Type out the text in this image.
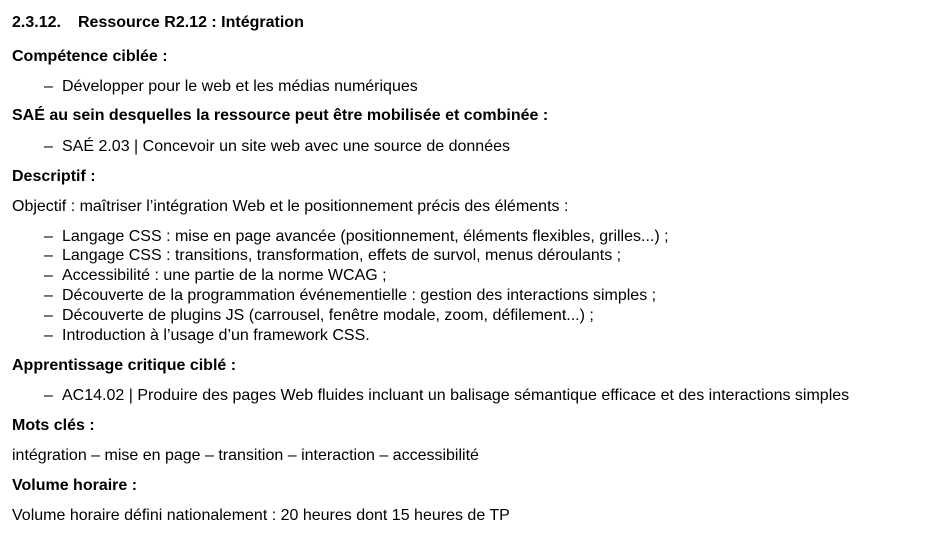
2.3.12. Ressource R2.12 : Intégration
Compétence ciblée :
– Développer pour le web et les médias numériques
SAÉ au sein desquelles la ressource peut être mobilisée et combinée :
– SAÉ 2.03 | Concevoir un site web avec une source de données
Descriptif :
Objectif : maîtriser l’intégration Web et le positionnement précis des éléments :
– Langage CSS : mise en page avancée (positionnement, éléments flexibles, grilles...) ;
– Langage CSS : transitions, transformation, effets de survol, menus déroulants ;
– Accessibilité : une partie de la norme WCAG ;
– Découverte de la programmation événementielle : gestion des interactions simples ;
– Découverte de plugins JS (carrousel, fenêtre modale, zoom, défilement...) ;
– Introduction à l’usage d’un framework CSS.
Apprentissage critique ciblé :
– AC14.02 | Produire des pages Web fluides incluant un balisage sémantique efficace et des interactions simples
Mots clés :
intégration – mise en page – transition – interaction – accessibilité
Volume horaire :
Volume horaire défini nationalement : 20 heures dont 15 heures de TP
